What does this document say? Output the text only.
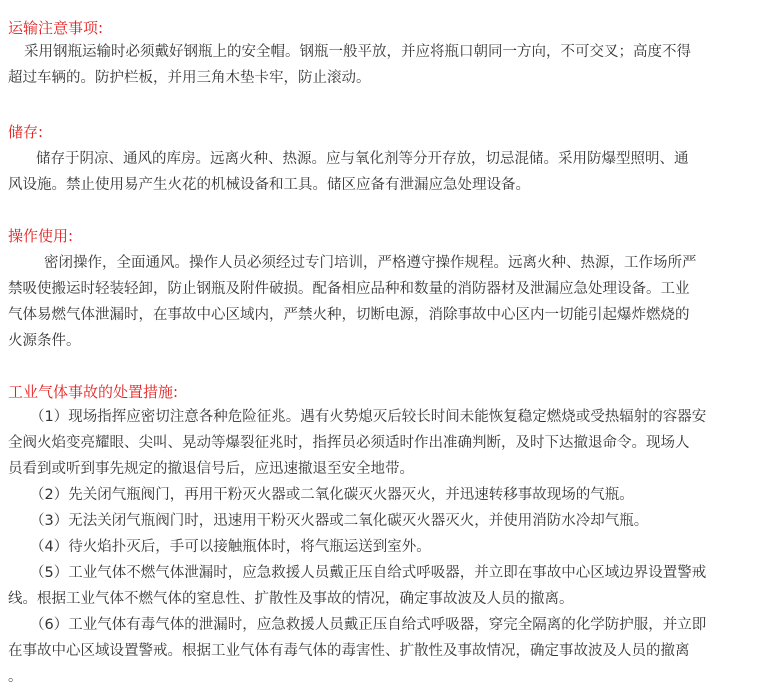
运输注意事项:
采用钢瓶运输时必须戴好钢瓶上的安全帽。钢瓶一般平放，并应将瓶口朝同一方向，不可交叉；高度不得
超过车辆的。防护栏板，并用三角木垫卡牢，防止滚动。
储存:
储存于阴凉、通风的库房。远离火种、热源。应与氧化剂等分开存放，切忌混储。采用防爆型照明、通
风设施。禁止使用易产生火花的机械设备和工具。储区应备有泄漏应急处理设备。
操作使用:
密闭操作，全面通风。操作人员必须经过专门培训，严格遵守操作规程。远离火种、热源，工作场所严
禁吸使搬运时轻装轻卸，防止钢瓶及附件破损。配备相应品种和数量的消防器材及泄漏应急处理设备。工业
气体易燃气体泄漏时，在事故中心区域内，严禁火种，切断电源，消除事故中心区内一切能引起爆炸燃烧的
火源条件。
工业气体事故的处置措施:
（1）现场指挥应密切注意各种危险征兆。遇有火势熄灭后较长时间未能恢复稳定燃烧或受热辐射的容器安
全阀火焰变亮耀眼、尖叫、晃动等爆裂征兆时，指挥员必须适时作出准确判断，及时下达撤退命令。现场人
员看到或听到事先规定的撤退信号后，应迅速撤退至安全地带。
（2）先关闭气瓶阀门，再用干粉灭火器或二氧化碳灭火器灭火，并迅速转移事故现场的气瓶。
（3）无法关闭气瓶阀门时，迅速用干粉灭火器或二氧化碳灭火器灭火，并使用消防水冷却气瓶。
（4）待火焰扑灭后，手可以接触瓶体时，将气瓶运送到室外。
（5）工业气体不燃气体泄漏时，应急救援人员戴正压自给式呼吸器，并立即在事故中心区域边界设置警戒
线。根据工业气体不燃气体的窒息性、扩散性及事故的情况，确定事故波及人员的撤离。
（6）工业气体有毒气体的泄漏时，应急救援人员戴正压自给式呼吸器，穿完全隔离的化学防护服，并立即
在事故中心区域设置警戒。根据工业气体有毒气体的毒害性、扩散性及事故情况，确定事故波及人员的撤离
。
